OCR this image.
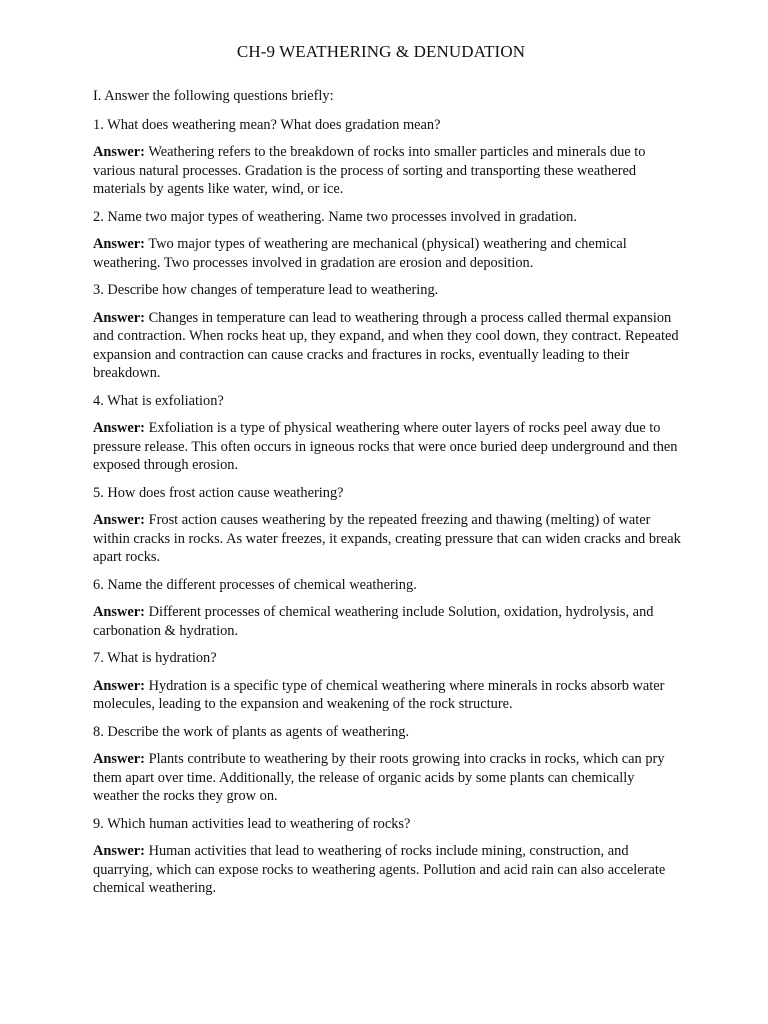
CH-9 WEATHERING & DENUDATION

I. Answer the following questions briefly:

1. What does weathering mean? What does gradation mean?

Answer: Weathering refers to the breakdown of rocks into smaller particles and minerals due to various natural processes. Gradation is the process of sorting and transporting these weathered materials by agents like water, wind, or ice.

2. Name two major types of weathering. Name two processes involved in gradation.

Answer: Two major types of weathering are mechanical (physical) weathering and chemical weathering. Two processes involved in gradation are erosion and deposition.

3. Describe how changes of temperature lead to weathering.

Answer: Changes in temperature can lead to weathering through a process called thermal expansion and contraction. When rocks heat up, they expand, and when they cool down, they contract. Repeated expansion and contraction can cause cracks and fractures in rocks, eventually leading to their breakdown.

4. What is exfoliation?

Answer: Exfoliation is a type of physical weathering where outer layers of rocks peel away due to pressure release. This often occurs in igneous rocks that were once buried deep underground and then exposed through erosion.

5. How does frost action cause weathering?

Answer: Frost action causes weathering by the repeated freezing and thawing (melting) of water within cracks in rocks. As water freezes, it expands, creating pressure that can widen cracks and break apart rocks.

6. Name the different processes of chemical weathering.

Answer: Different processes of chemical weathering include Solution, oxidation, hydrolysis, and carbonation & hydration.

7. What is hydration?

Answer: Hydration is a specific type of chemical weathering where minerals in rocks absorb water molecules, leading to the expansion and weakening of the rock structure.

8. Describe the work of plants as agents of weathering.

Answer: Plants contribute to weathering by their roots growing into cracks in rocks, which can pry them apart over time. Additionally, the release of organic acids by some plants can chemically weather the rocks they grow on.

9. Which human activities lead to weathering of rocks?

Answer: Human activities that lead to weathering of rocks include mining, construction, and quarrying, which can expose rocks to weathering agents. Pollution and acid rain can also accelerate chemical weathering.
